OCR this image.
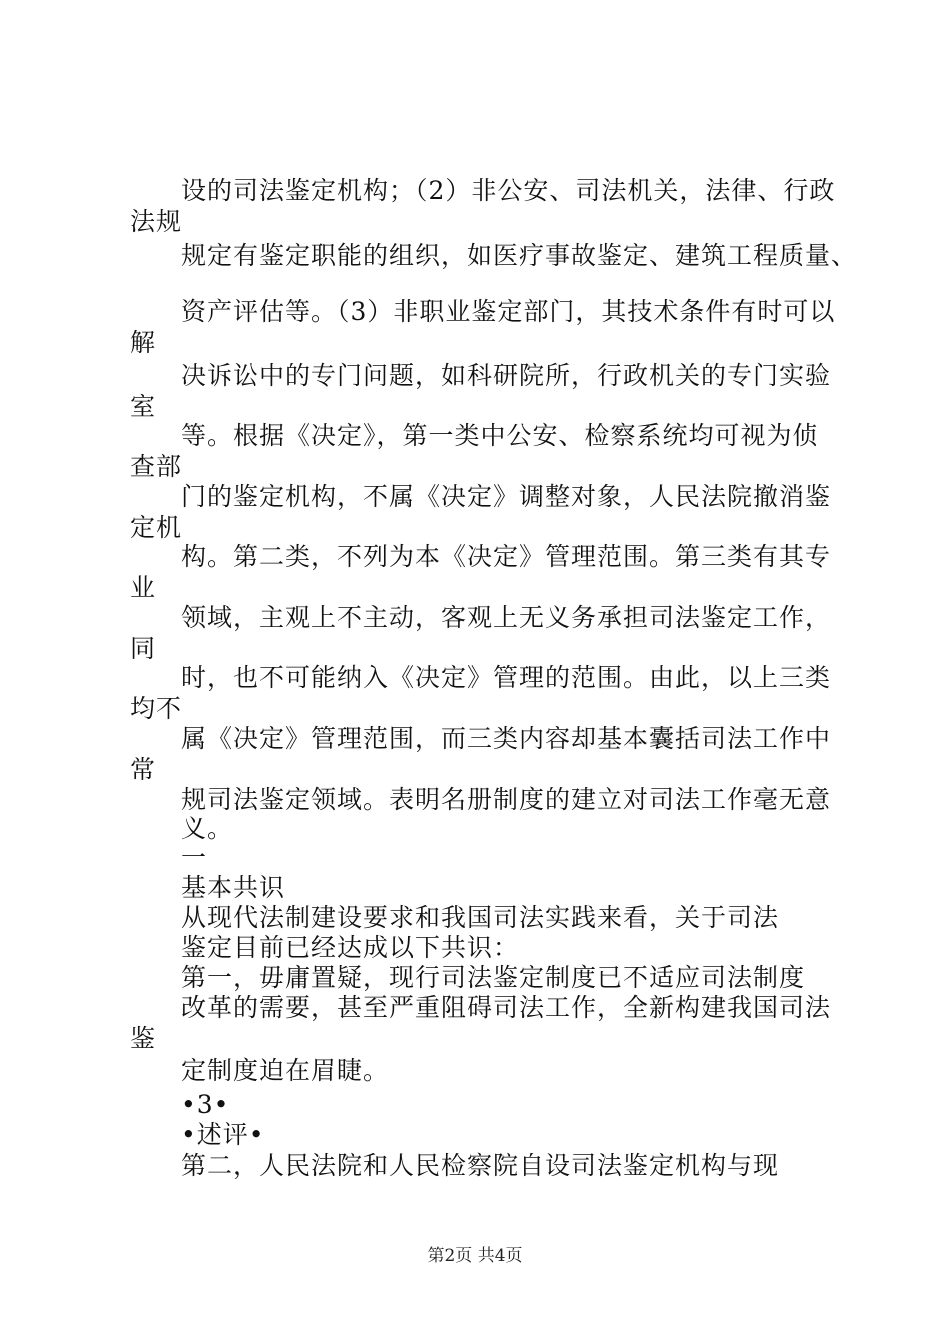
设的司法鉴定机构；（2）非公安、司法机关，法律、行政
法规
规定有鉴定职能的组织，如医疗事故鉴定、建筑工程质量、
资产评估等。（3）非职业鉴定部门，其技术条件有时可以
解
决诉讼中的专门问题，如科研院所，行政机关的专门实验
室
等。根据《决定》，第一类中公安、检察系统均可视为侦
查部
门的鉴定机构，不属《决定》调整对象，人民法院撤消鉴
定机
构。第二类，不列为本《决定》管理范围。第三类有其专
业
领域，主观上不主动，客观上无义务承担司法鉴定工作，
同
时，也不可能纳入《决定》管理的范围。由此，以上三类
均不
属《决定》管理范围，而三类内容却基本囊括司法工作中
常
规司法鉴定领域。表明名册制度的建立对司法工作毫无意
义。
一
基本共识
从现代法制建设要求和我国司法实践来看，关于司法
鉴定目前已经达成以下共识：
第一，毋庸置疑，现行司法鉴定制度已不适应司法制度
改革的需要，甚至严重阻碍司法工作，全新构建我国司法
鉴
定制度迫在眉睫。
•3•
•述评•
第二，人民法院和人民检察院自设司法鉴定机构与现
第2页 共4页
